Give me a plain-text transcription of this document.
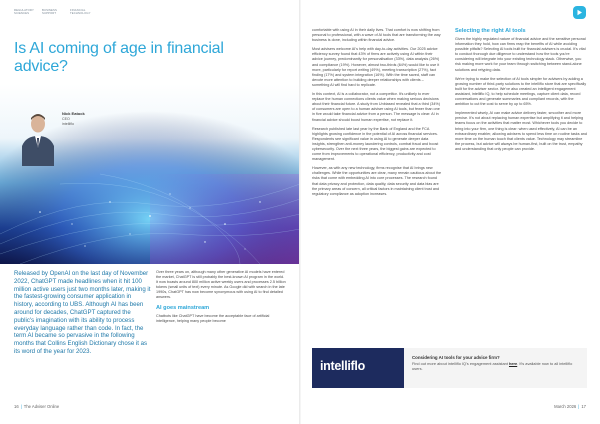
REGULATORY SCIENCES
BUSINESS SUPPORT
FINANCIAL TECHNOLOGY
Is AI coming of age in financial advice?
Nick Eatock
CEO
intelliflo
Released by OpenAI on the last day of November 2022, ChatGPT made headlines when it hit 100 million active users just two months later, making it the fastest-growing consumer application in history, according to UBS. Although AI has been around for decades, ChatGPT captured the public's imagination with its ability to process everyday language rather than code. In fact, the term AI became so pervasive in the following months that Collins English Dictionary chose it as its word of the year for 2023.

Over three years on, although many other generative AI models have entered the market, ChatGPT is still probably the best-known AI program in the world. It now boasts around 800 million active weekly users and processes 2.5 billion tokens (small units of text) every minute. As Google did with search in the late 1990s, ChatGPT has now become synonymous with using AI to find detailed answers.

AI goes mainstream

Chatbots like ChatGPT have become the acceptable face of artificial intelligence, helping many people become

comfortable with using AI in their daily lives. That comfort is now shifting from personal to professional, with a wave of AI tools that are transforming the way business is done, including within financial advice.

Most advisers welcome AI's help with day-to-day activities. Our 2025 advice efficiency survey found that 43% of firms are actively using AI within their advice journey, predominantly for personalisation (33%), data analysis (26%) and compliance (19%). However, almost two-thirds (64%) would like to use it more, particularly for report writing (49%), meeting transcription (27%), fact finding (17%) and system integration (16%). With the time saved, staff can devote more attention to building deeper relationships with clients – something AI will find hard to replicate.

In this context, AI is a collaborator, not a competitor. It's unlikely to ever replace the human connections clients value when making serious decisions about their financial future. A study from Unbiased revealed that a third (34%) of consumers are open to a human adviser using AI tools, but fewer than one in five would take financial advice from a person. The message is clear: AI in financial advice should boost human expertise, not replace it.

Research published late last year by the Bank of England and the FCA highlights growing confidence in the potential of AI across financial services. Respondents see significant value in using AI to generate deeper data insights, strengthen anti-money laundering controls, combat fraud and boost cybersecurity. Over the next three years, the biggest gains are expected to come from improvements to operational efficiency, productivity and cost management.

However, as with any new technology, firms recognise that AI brings new challenges. While the opportunities are clear, many remain cautious about the risks that come with embedding AI into core processes. The research found that data privacy and protection, data quality, data security and data bias are the primary areas of concern, all critical factors in maintaining client trust and regulatory compliance as adoption increases.

Selecting the right AI tools

Given the highly regulated nature of financial advice and the sensitive personal information they hold, how can firms reap the benefits of AI while avoiding possible pitfalls? Selecting AI tools built for financial advisers is crucial. It's vital to conduct thorough due diligence to understand how the tools you're considering will integrate into your existing technology stack. Otherwise, you risk making more work for your team through switching between stand-alone solutions and retyping data.

We're trying to make the selection of AI tools simpler for advisers by adding a growing number of third-party solutions to the intelliflo store that are specifically built for the adviser sector. We've also created an intelligent engagement assistant, intelliflo IQ, to help schedule meetings, capture client data, record conversations and generate summaries and compliant records, with the ambition to cut the cost to serve by up to 65%.

Implemented wisely, AI can make advice delivery faster, smoother and more precise. It's not about replacing human expertise but amplifying it and helping teams focus on the activities that matter most. Whichever tools you decide to bring into your firm, one thing is clear: when used effectively, AI can be an extraordinary enabler, allowing advisers to spend less time on routine tasks and more time on the human touch that clients value. Technology may streamline the process, but advice will always be human-first, built on the trust, empathy and understanding that only people can provide.

intelliflo
Considering AI tools for your advice firm?
Find out more about intelliflo IQ's engagement assistant here. It's available now to all intelliflo users.
16 | The Adviser Online	March 2026 | 17
